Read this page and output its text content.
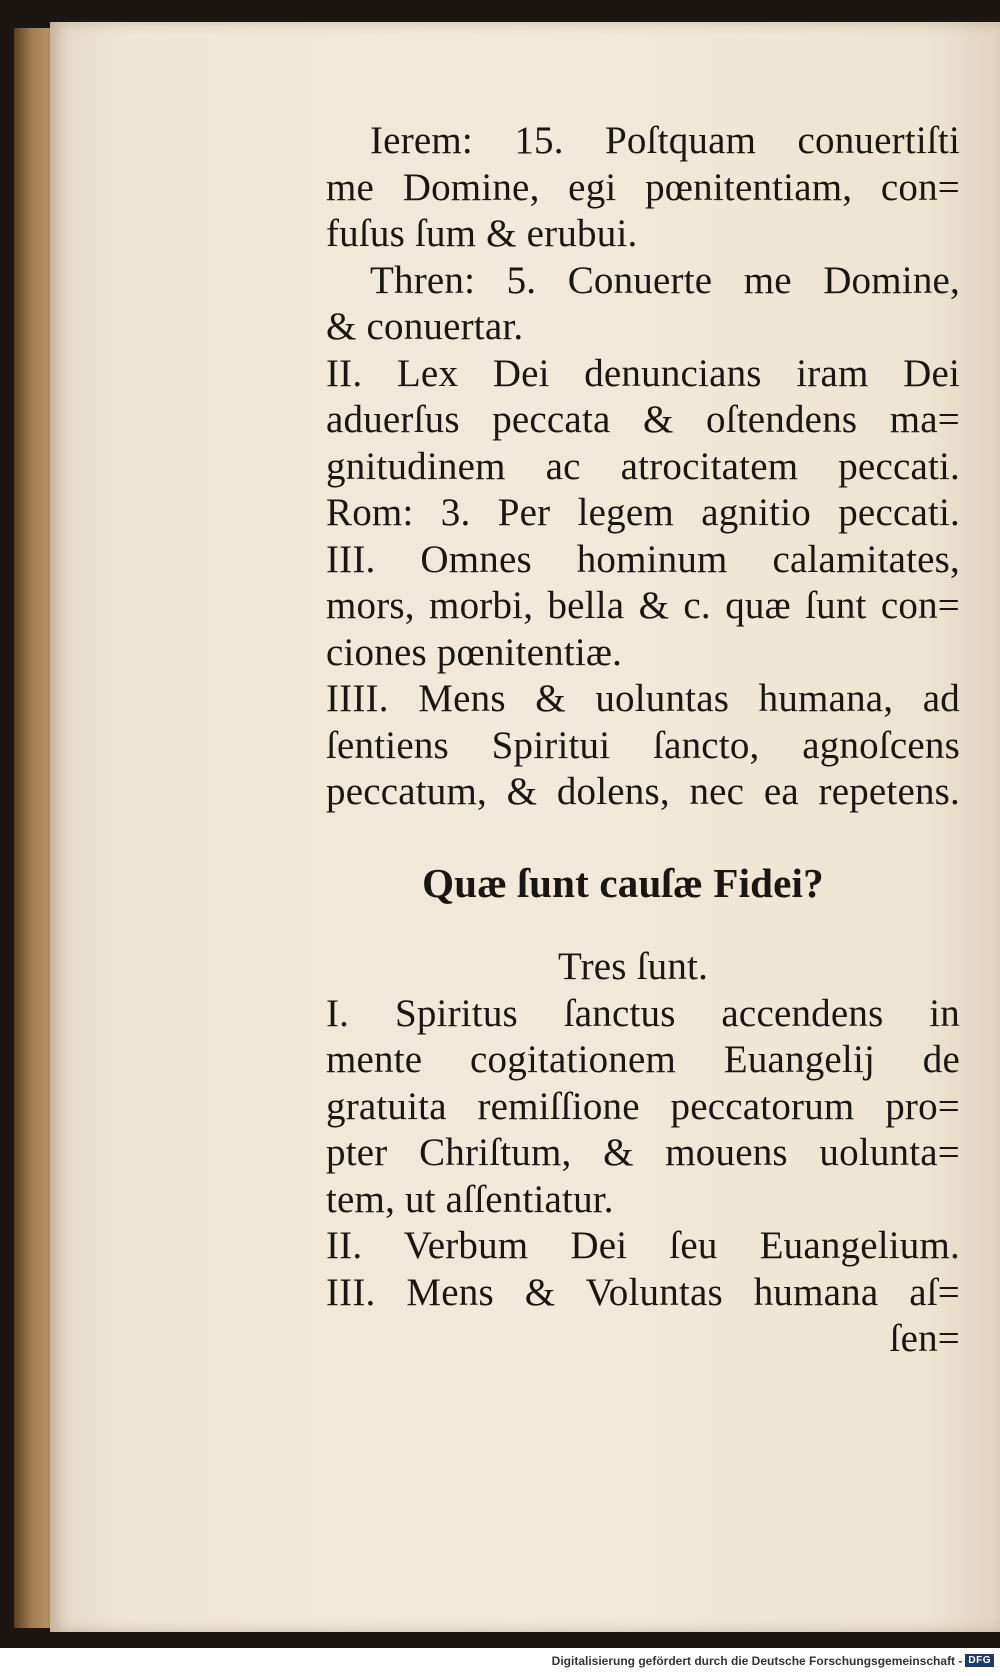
Ierem: 15. Poſtquam conuertiſti
me Domine, egi pœnitentiam, con=
fuſus ſum & erubui.
Thren: 5. Conuerte me Domine,
& conuertar.
II. Lex Dei denuncians iram Dei
aduerſus peccata & oſtendens ma=
gnitudinem ac atrocitatem peccati.
Rom: 3. Per legem agnitio peccati.
III. Omnes hominum calamitates,
mors, morbi, bella & c. quæ ſunt con=
ciones pœnitentiæ.
IIII. Mens & uoluntas humana, ad
ſentiens Spiritui ſancto, agnoſcens
peccatum, & dolens, nec ea repetens.
Quæ ſunt cauſæ Fidei?
Tres ſunt.
I. Spiritus ſanctus accendens in
mente cogitationem Euangelij de
gratuita remiſſione peccatorum pro=
pter Chriſtum, & mouens uolunta=
tem, ut aſſentiatur.
II. Verbum Dei ſeu Euangelium.
III. Mens & Voluntas humana aſ=
ſen=
Digitalisierung gefördert durch die Deutsche Forschungsgemeinschaft - DFG
